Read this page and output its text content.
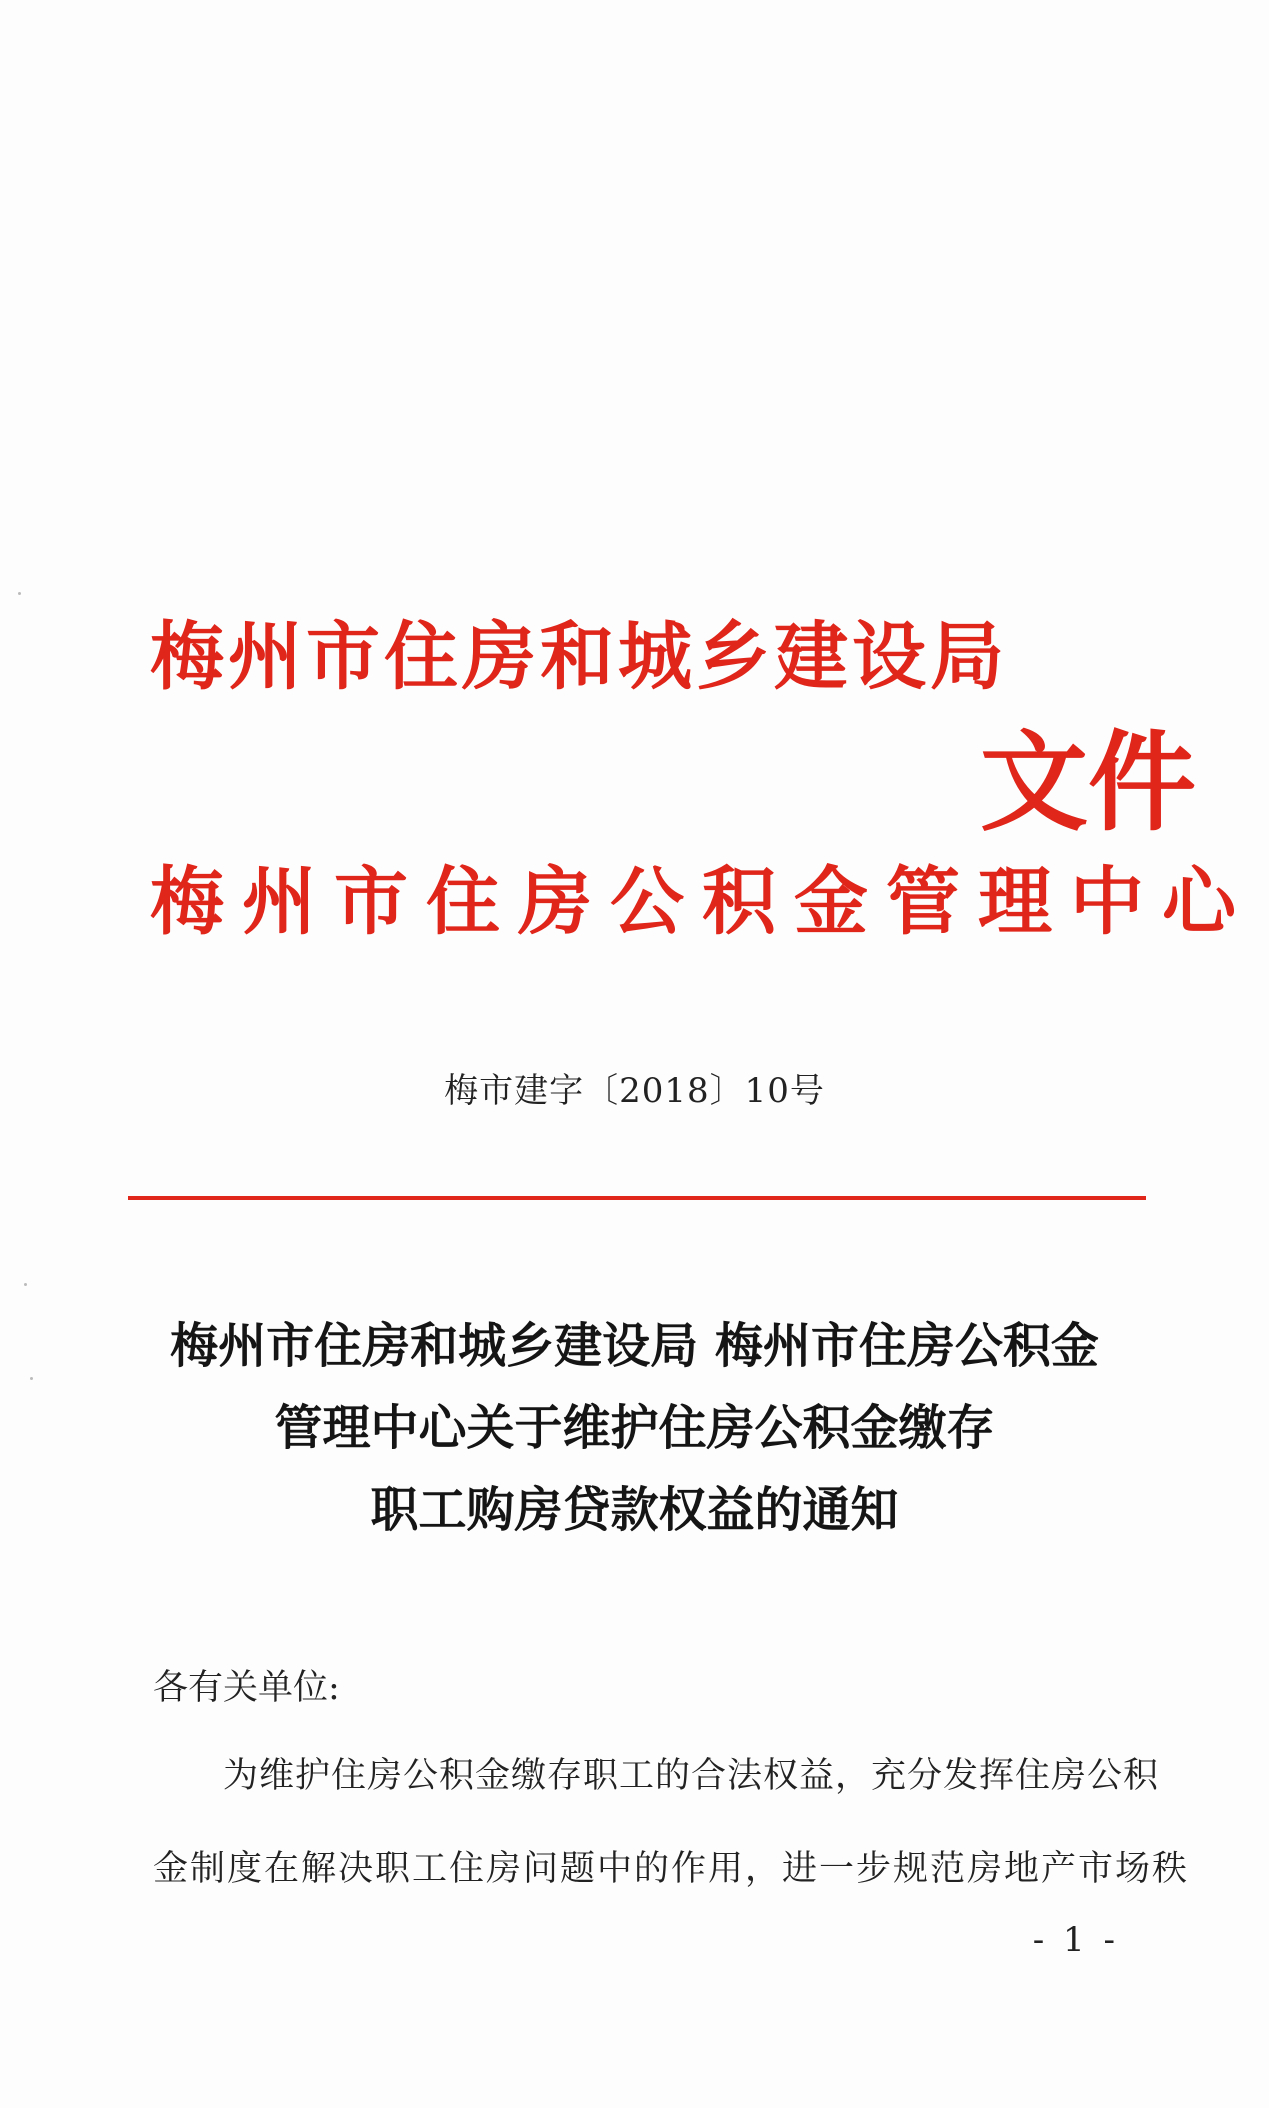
梅州市住房和城乡建设局
梅州市住房公积金管理中心
文件
梅市建字〔2018〕10号
梅州市住房和城乡建设局 梅州市住房公积金
管理中心关于维护住房公积金缴存
职工购房贷款权益的通知
各有关单位:
为维护住房公积金缴存职工的合法权益，充分发挥住房公积
金制度在解决职工住房问题中的作用，进一步规范房地产市场秩
- 1 -
